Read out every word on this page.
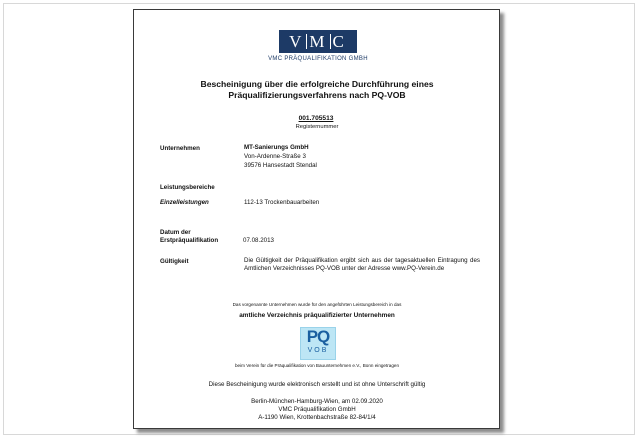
V M C
VMC PRÄQUALIFIKATION GMBH
Bescheinigung über die erfolgreiche Durchführung eines Präqualifizierungsverfahrens nach PQ-VOB
001.705513
Registernummer
Unternehmen	MT-Sanierungs GmbH
Von-Ardenne-Straße 3
39576 Hansestadt Stendal
Leistungsbereiche
Einzelleistungen	112-13 Trockenbauarbeiten
Datum der
Erstpräqualifikation	07.08.2013
Gültigkeit	Die Gültigkeit der Präqualifikation ergibt sich aus der tagesaktuellen Eintragung des Amtlichen Verzeichnisses PQ-VOB unter der Adresse www.PQ-Verein.de
Das vorgenannte Unternehmen wurde für den angeführten Leistungsbereich in das
amtliche Verzeichnis präqualifizierter Unternehmen
PQ
VOB
beim Verein für die Präqualifikation von Bauunternehmen e.V., Bonn eingetragen
Diese Bescheinigung wurde elektronisch erstellt und ist ohne Unterschrift gültig
Berlin-München-Hamburg-Wien, am 02.09.2020
VMC Präqualifikation GmbH
A-1190 Wien, Krottenbachstraße 82-84/1/4
